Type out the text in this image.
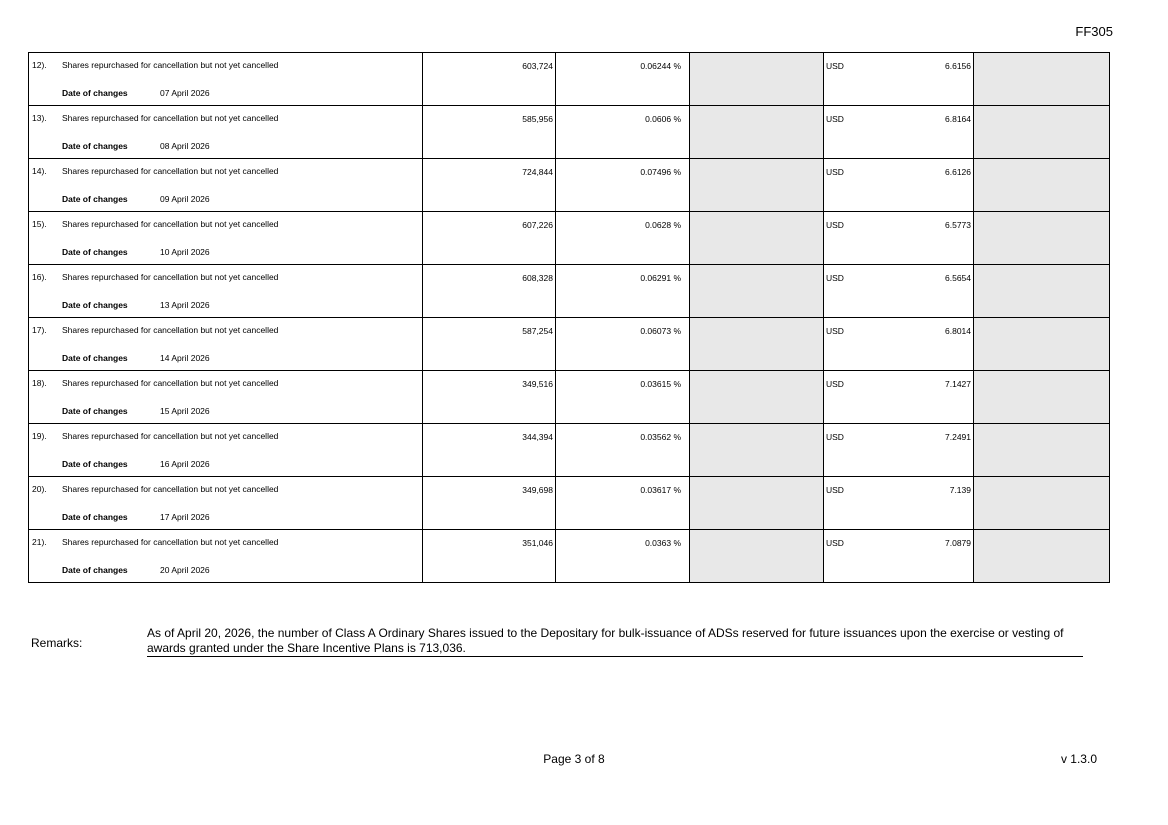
FF305
12). Shares repurchased for cancellation but not yet cancelled
Date of changes 07 April 2026	603,724	0.06244 %		USD 6.6156	

13). Shares repurchased for cancellation but not yet cancelled
Date of changes 08 April 2026	585,956	0.0606 %		USD 6.8164	

14). Shares repurchased for cancellation but not yet cancelled
Date of changes 09 April 2026	724,844	0.07496 %		USD 6.6126	

15). Shares repurchased for cancellation but not yet cancelled
Date of changes 10 April 2026	607,226	0.0628 %		USD 6.5773	

16). Shares repurchased for cancellation but not yet cancelled
Date of changes 13 April 2026	608,328	0.06291 %		USD 6.5654	

17). Shares repurchased for cancellation but not yet cancelled
Date of changes 14 April 2026	587,254	0.06073 %		USD 6.8014	

18). Shares repurchased for cancellation but not yet cancelled
Date of changes 15 April 2026	349,516	0.03615 %		USD 7.1427	

19). Shares repurchased for cancellation but not yet cancelled
Date of changes 16 April 2026	344,394	0.03562 %		USD 7.2491	

20). Shares repurchased for cancellation but not yet cancelled
Date of changes 17 April 2026	349,698	0.03617 %		USD 7.139	

21). Shares repurchased for cancellation but not yet cancelled
Date of changes 20 April 2026	351,046	0.0363 %		USD 7.0879	

Remarks:
As of April 20, 2026, the number of Class A Ordinary Shares issued to the Depositary for bulk-issuance of ADSs reserved for future issuances upon the exercise or vesting of awards granted under the Share Incentive Plans is 713,036.
Page 3 of 8	v 1.3.0
